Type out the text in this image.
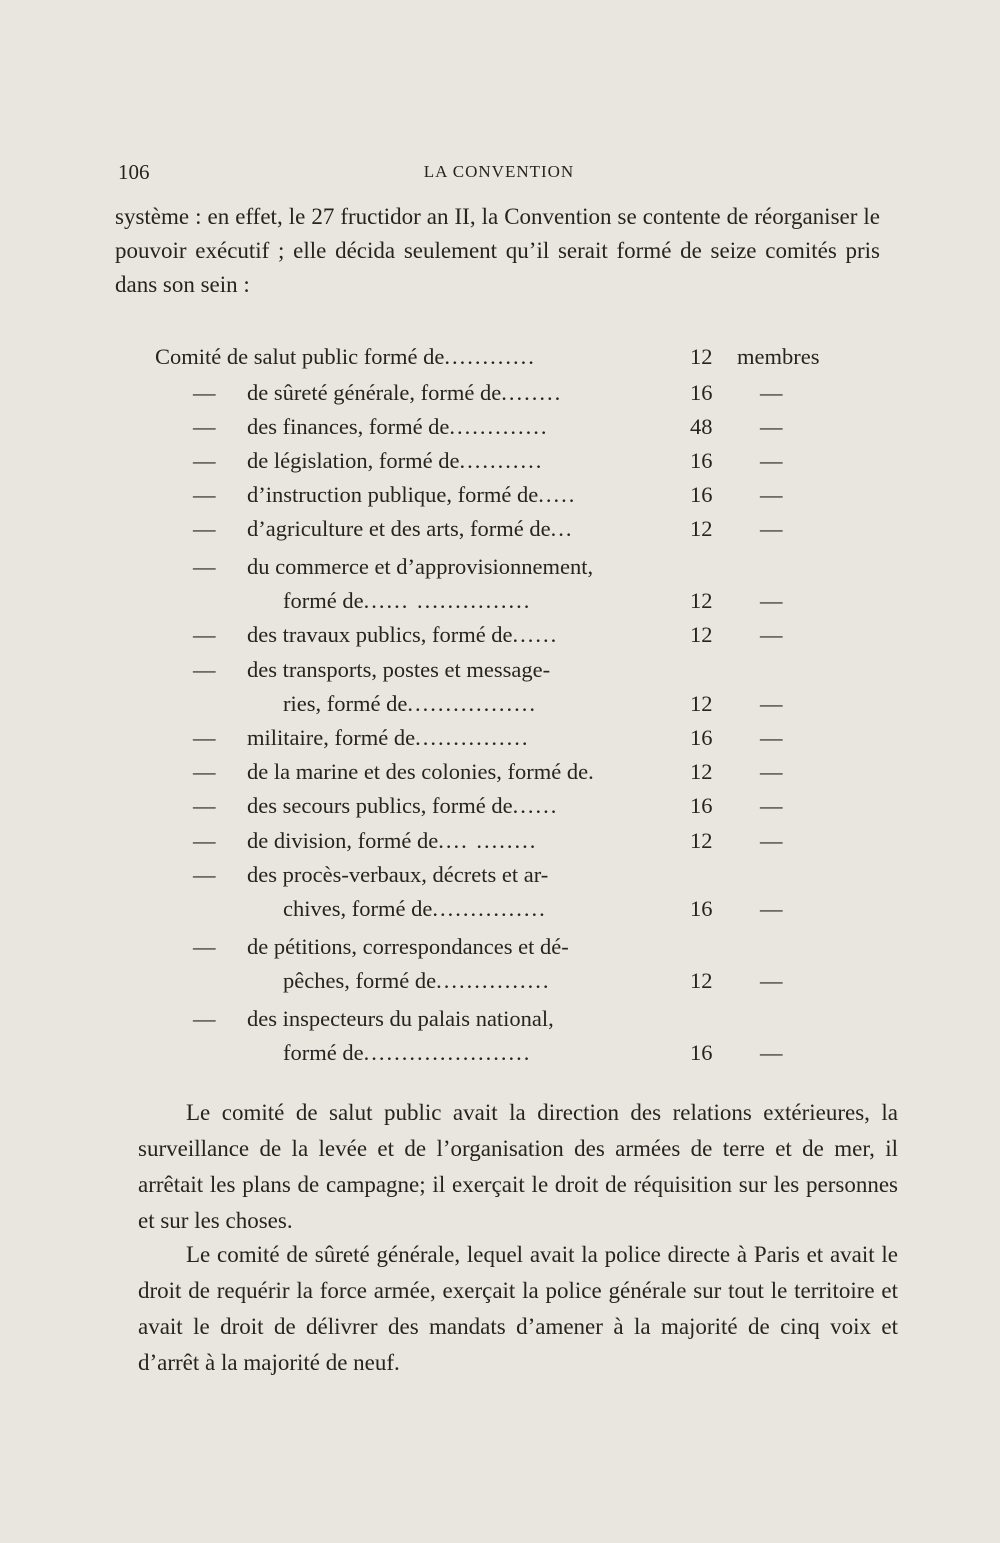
106	LA CONVENTION

système : en effet, le 27 fructidor an II, la Convention se contente de réorganiser le pouvoir exécutif ; elle décida seulement qu’il serait formé de seize comités pris dans son sein :

Comité de salut public formé de............	12	membres
—	de sûreté générale, formé de........	16	—
—	des finances, formé de.............	48	—
—	de législation, formé de...........	16	—
—	d’instruction publique, formé de.....	16	—
—	d’agriculture et des arts, formé de...	12	—
—	du commerce et d’approvisionnement,
formé de...... ...............	12	—
—	des travaux publics, formé de......	12	—
—	des transports, postes et message-
ries, formé de.................	12	—
—	militaire, formé de...............	16	—
—	de la marine et des colonies, formé de.	12	—
—	des secours publics, formé de......	16	—
—	de division, formé de.... ........	12	—
—	des procès-verbaux, décrets et ar-
chives, formé de...............	16	—
—	de pétitions, correspondances et dé-
pêches, formé de...............	12	—
—	des inspecteurs du palais national,
formé de......................	16	—

Le comité de salut public avait la direction des relations extérieures, la surveillance de la levée et de l’organisation des armées de terre et de mer, il arrêtait les plans de campagne; il exerçait le droit de réquisition sur les personnes et sur les choses.

Le comité de sûreté générale, lequel avait la police directe à Paris et avait le droit de requérir la force armée, exerçait la police générale sur tout le territoire et avait le droit de délivrer des mandats d’amener à la majorité de cinq voix et d’arrêt à la majorité de neuf.
